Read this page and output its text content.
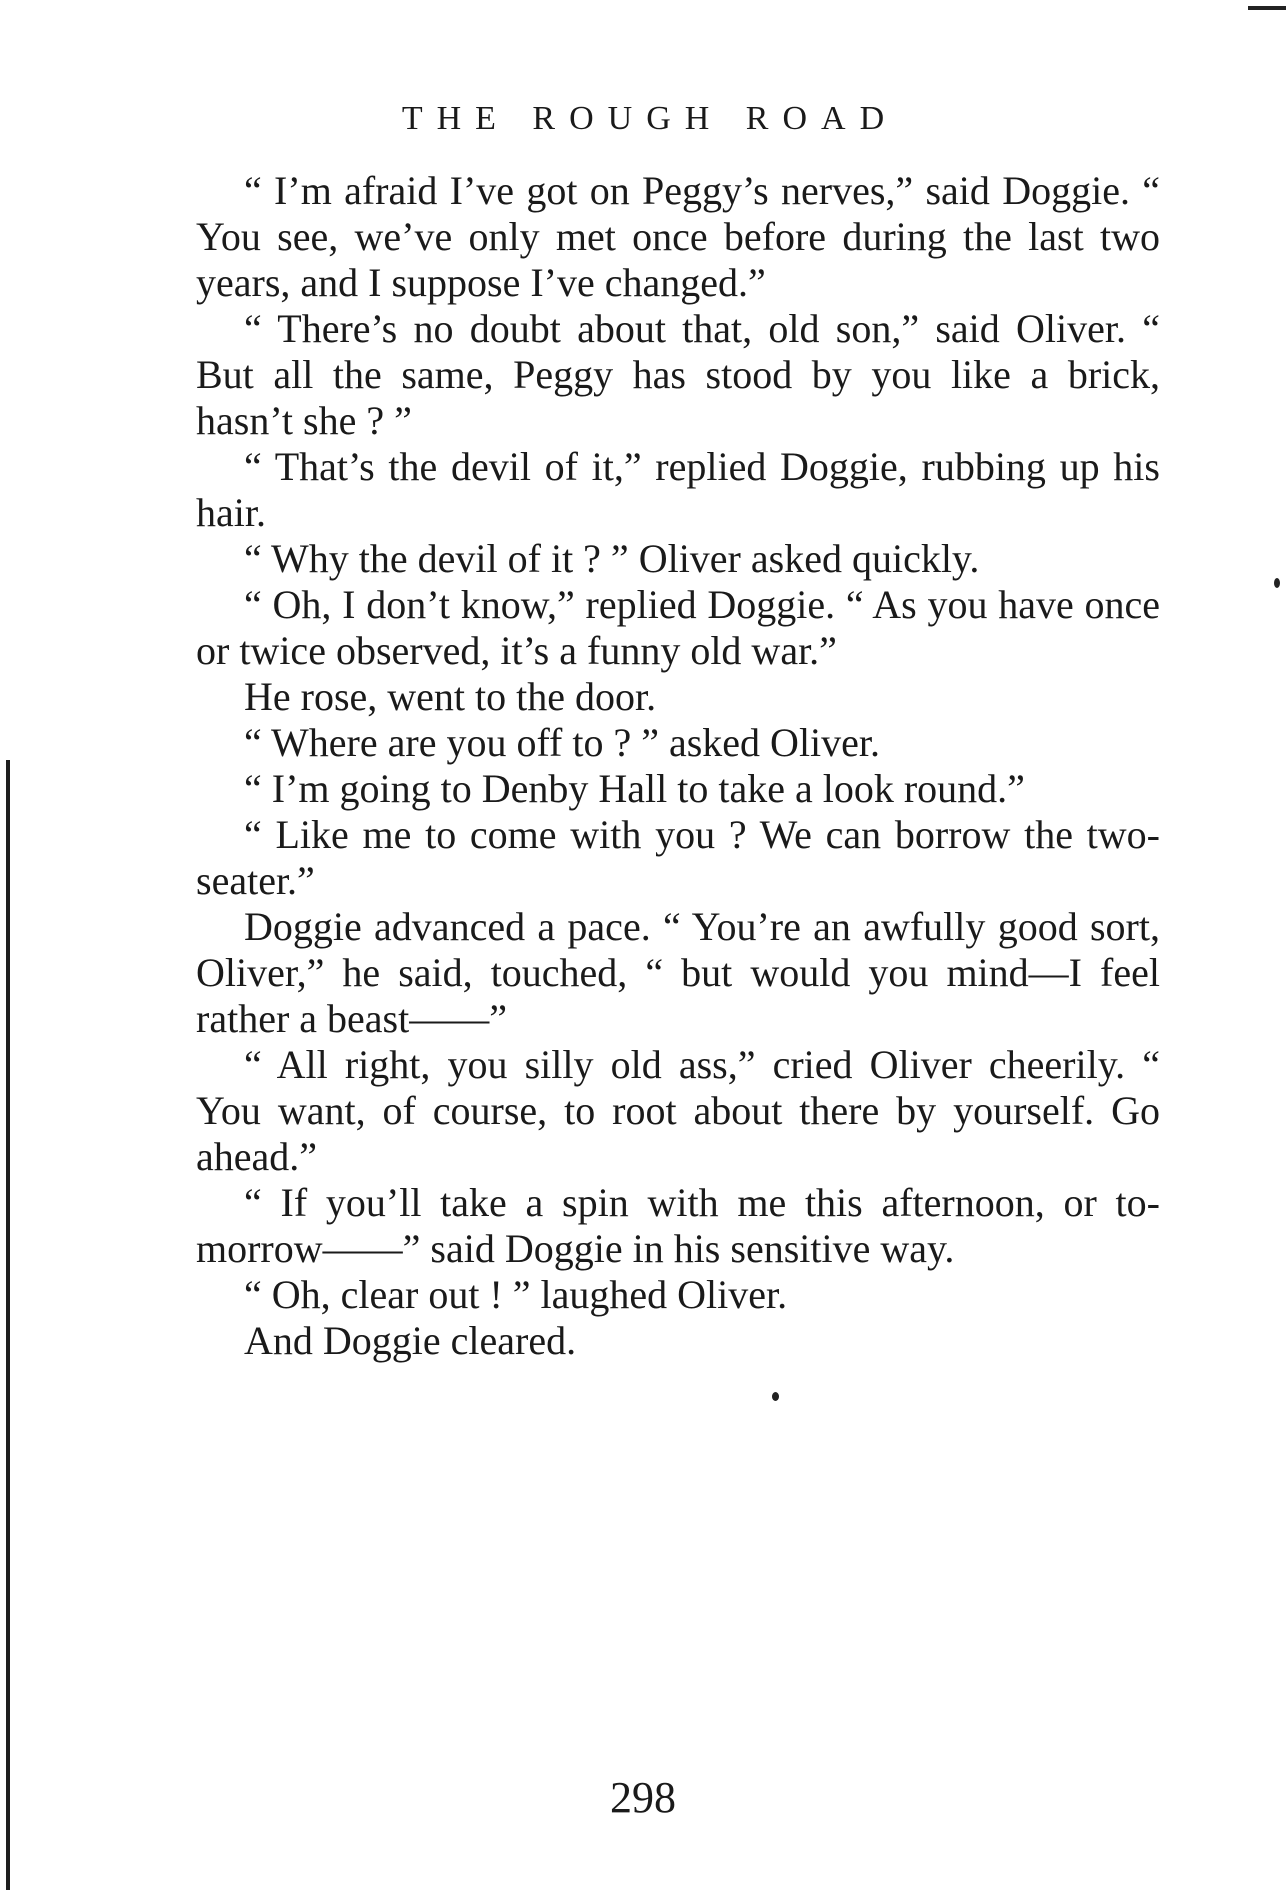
THE ROUGH ROAD

“ I’m afraid I’ve got on Peggy’s nerves,” said Doggie. “ You see, we’ve only met once before during the last two years, and I suppose I’ve changed.”

“ There’s no doubt about that, old son,” said Oliver. “ But all the same, Peggy has stood by you like a brick, hasn’t she ? ”

“ That’s the devil of it,” replied Doggie, rubbing up his hair.

“ Why the devil of it ? ” Oliver asked quickly.

“ Oh, I don’t know,” replied Doggie. “ As you have once or twice observed, it’s a funny old war.”

He rose, went to the door.

“ Where are you off to ? ” asked Oliver.

“ I’m going to Denby Hall to take a look round.”

“ Like me to come with you ? We can borrow the two-seater.”

Doggie advanced a pace. “ You’re an awfully good sort, Oliver,” he said, touched, “ but would you mind—I feel rather a beast——”

“ All right, you silly old ass,” cried Oliver cheerily. “ You want, of course, to root about there by yourself. Go ahead.”

“ If you’ll take a spin with me this afternoon, or to-morrow——” said Doggie in his sensitive way.

“ Oh, clear out ! ” laughed Oliver.

And Doggie cleared.

298
